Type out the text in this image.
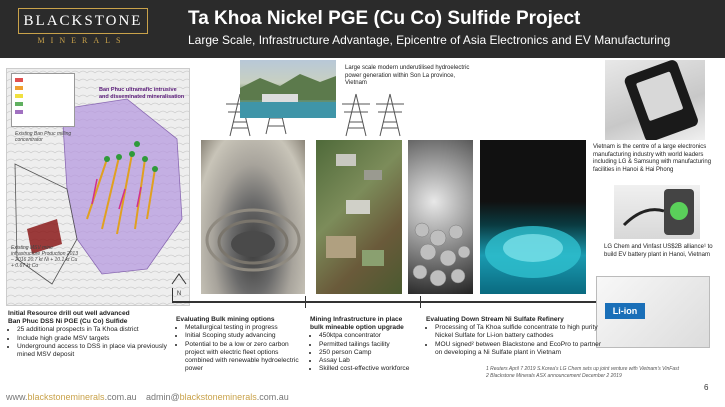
BLACKSTONE
MINERALS
Ta Khoa Nickel PGE (Cu Co) Sulfide Project
Large Scale, Infrastructure Advantage, Epicentre of Asia Electronics and EV Manufacturing
N
Ban Phuc ultramafic intrusive and disseminated mineralisation
Existing Ban Phuc milling concentrator
Existing MSV mine infrastructure Production 2013 – 2016 20.7 kt Ni + 10.1 kt Cu + 0.67 kt Co
Large scale modern underutilised hydroelectric power generation within Son La province, Vietnam
Vietnam is the centre of a large electronics manufacturing industry with world leaders including LG & Samsung with manufacturing facilities in Hanoi & Hai Phong
LG Chem and Vinfast US$2B alliance¹ to build EV battery plant in Hanoi, Vietnam
Li-ion
Initial Resource drill out well advanced
Ban Phuc DSS Ni PGE (Cu Co) Sulfide
• 25 additional prospects in Ta Khoa district
• Include high grade MSV targets
• Underground access to DSS in place via previously mined MSV deposit
Evaluating Bulk mining options
• Metallurgical testing in progress
• Initial Scoping study advancing
• Potential to be a low or zero carbon project with electric fleet options combined with renewable hydroelectric power
Mining Infrastructure in place
bulk mineable option upgrade
• 450ktpa concentrator
• Permitted tailings facility
• 250 person Camp
• Assay Lab
• Skilled cost-effective workforce
Evaluating Down Stream Ni Sulfate Refinery
• Processing of Ta Khoa sulfide concentrate to high purity Nickel Sulfate for Li-ion battery cathodes
• MOU signed² between Blackstone and EcoPro to partner on developing a Ni Sulfate plant in Vietnam
1 Reuters April 7 2019 S.Korea's LG Chem sets up joint venture with Vietnam's VinFast
2 Blackstone Minerals ASX announcement December 2 2019
www.blackstoneminerals.com.au admin@blackstoneminerals.com.au
6
